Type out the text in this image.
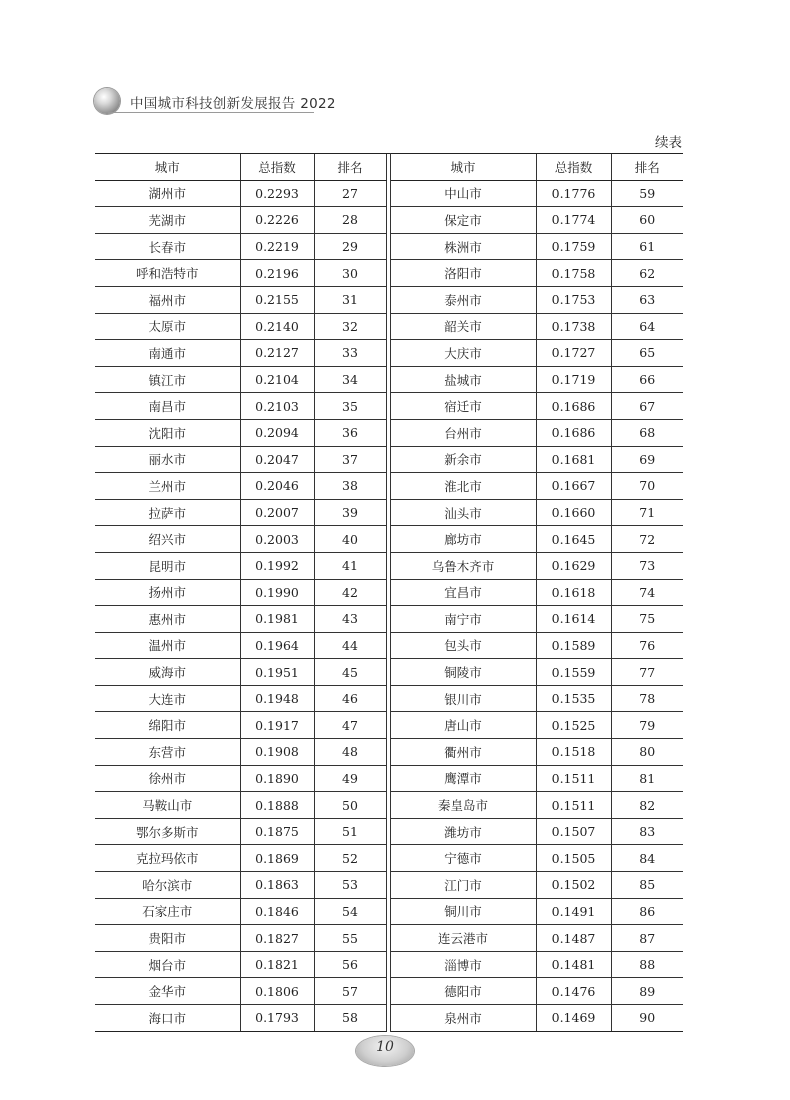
中国城市科技创新发展报告 2022
续表
城市	总指数	排名		城市	总指数	排名
湖州市	0.2293	27		中山市	0.1776	59
芜湖市	0.2226	28		保定市	0.1774	60
长春市	0.2219	29		株洲市	0.1759	61
呼和浩特市	0.2196	30		洛阳市	0.1758	62
福州市	0.2155	31		泰州市	0.1753	63
太原市	0.2140	32		韶关市	0.1738	64
南通市	0.2127	33		大庆市	0.1727	65
镇江市	0.2104	34		盐城市	0.1719	66
南昌市	0.2103	35		宿迁市	0.1686	67
沈阳市	0.2094	36		台州市	0.1686	68
丽水市	0.2047	37		新余市	0.1681	69
兰州市	0.2046	38		淮北市	0.1667	70
拉萨市	0.2007	39		汕头市	0.1660	71
绍兴市	0.2003	40		廊坊市	0.1645	72
昆明市	0.1992	41		乌鲁木齐市	0.1629	73
扬州市	0.1990	42		宜昌市	0.1618	74
惠州市	0.1981	43		南宁市	0.1614	75
温州市	0.1964	44		包头市	0.1589	76
威海市	0.1951	45		铜陵市	0.1559	77
大连市	0.1948	46		银川市	0.1535	78
绵阳市	0.1917	47		唐山市	0.1525	79
东营市	0.1908	48		衢州市	0.1518	80
徐州市	0.1890	49		鹰潭市	0.1511	81
马鞍山市	0.1888	50		秦皇岛市	0.1511	82
鄂尔多斯市	0.1875	51		潍坊市	0.1507	83
克拉玛依市	0.1869	52		宁德市	0.1505	84
哈尔滨市	0.1863	53		江门市	0.1502	85
石家庄市	0.1846	54		铜川市	0.1491	86
贵阳市	0.1827	55		连云港市	0.1487	87
烟台市	0.1821	56		淄博市	0.1481	88
金华市	0.1806	57		德阳市	0.1476	89
海口市	0.1793	58		泉州市	0.1469	90
10
